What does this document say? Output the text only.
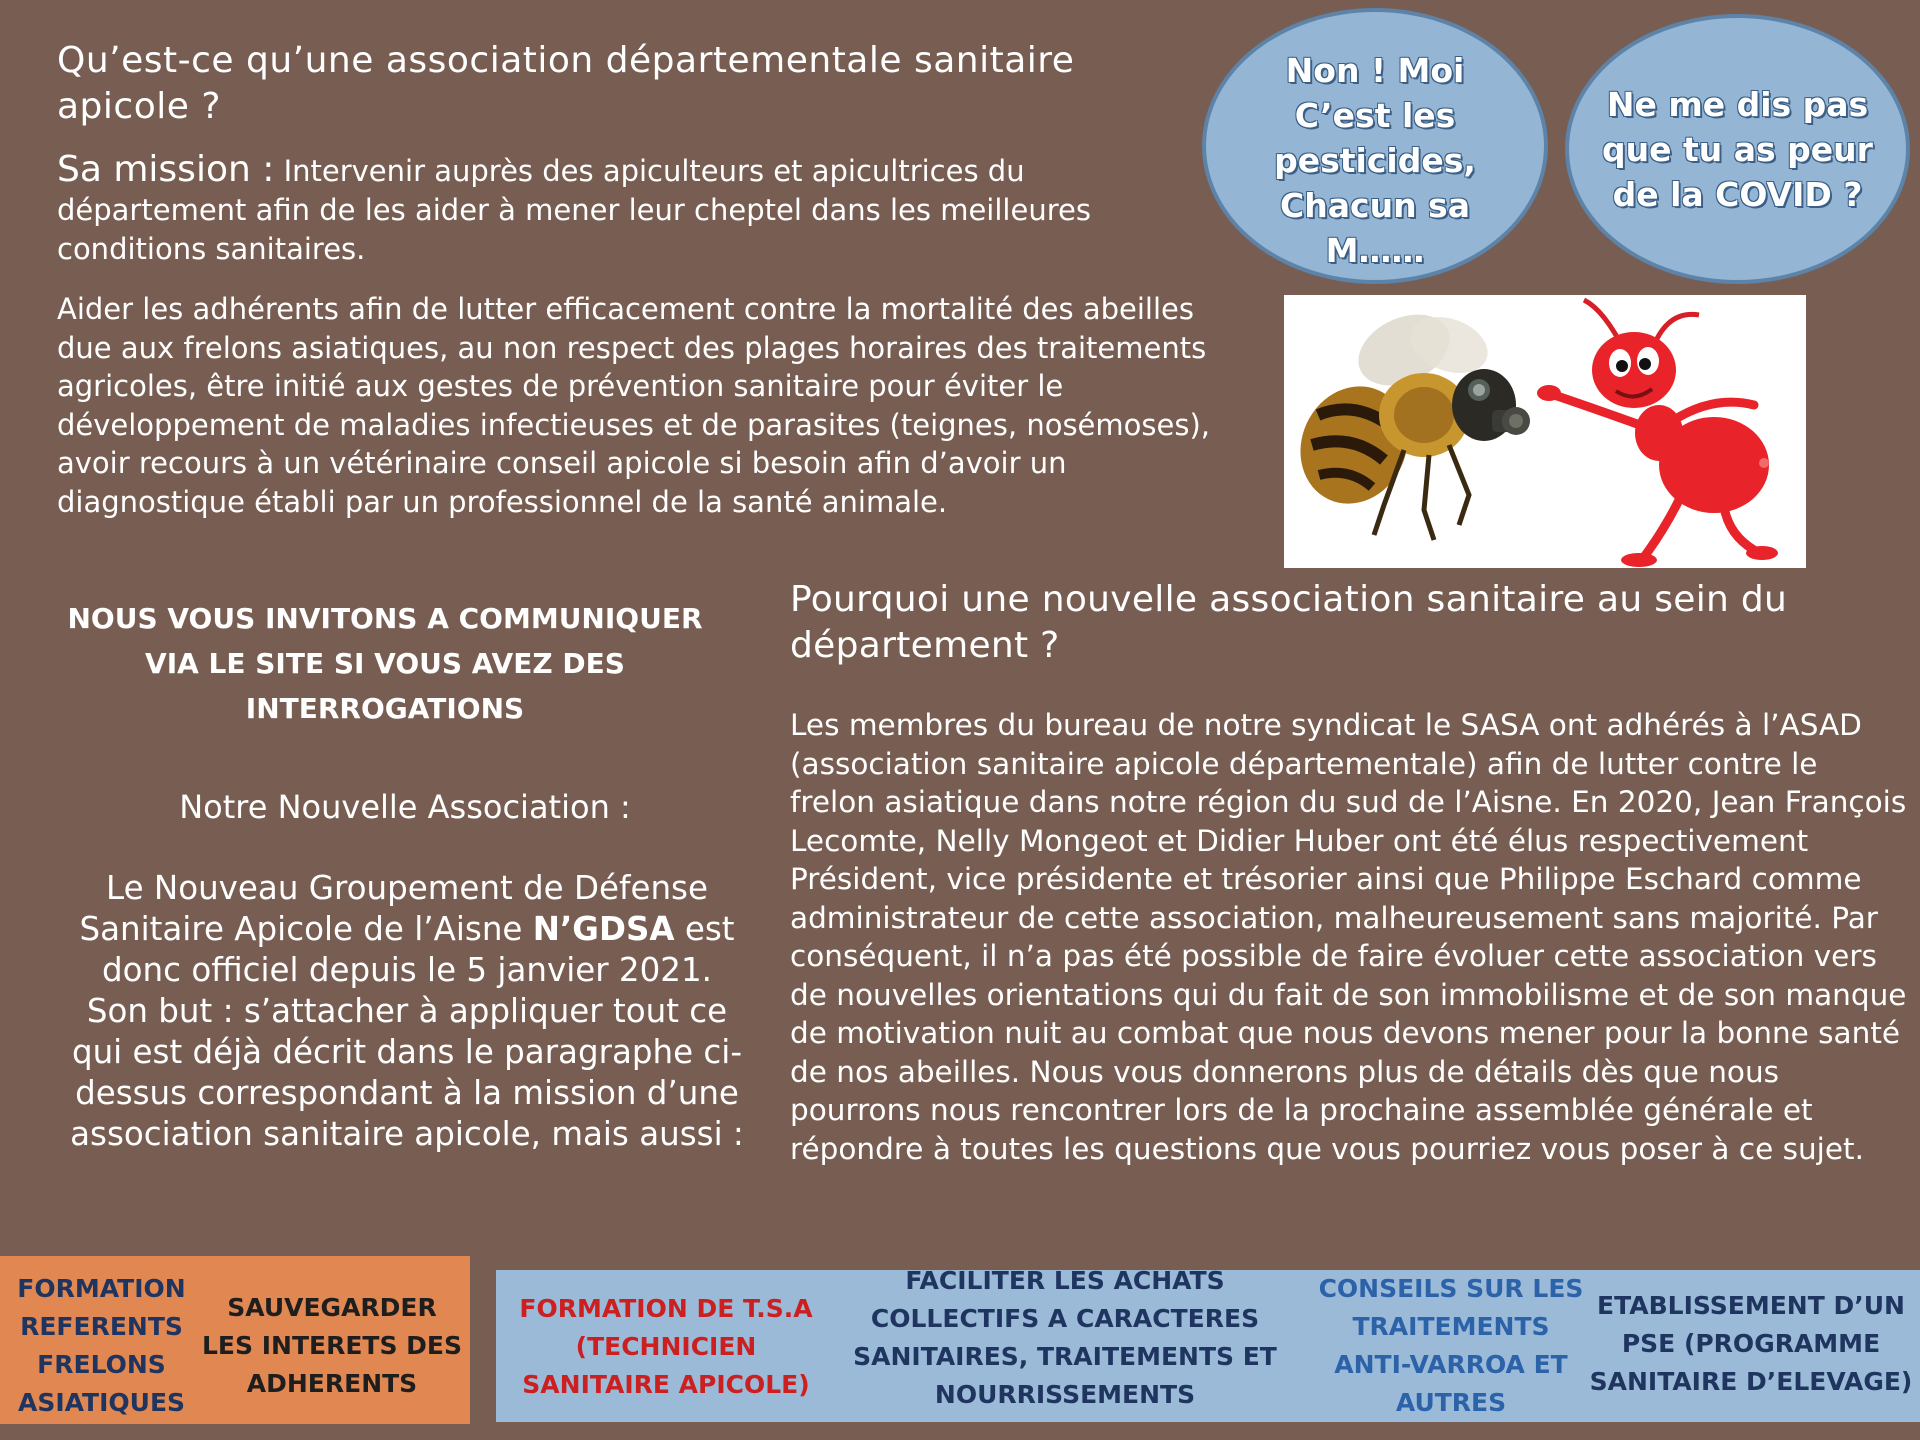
Qu’est-ce qu’une association départementale sanitaire apicole ?
Sa mission : Intervenir auprès des apiculteurs et apicultrices du département afin de les aider à mener leur cheptel dans les meilleures conditions sanitaires.
Aider les adhérents afin de lutter efficacement contre la mortalité des abeilles due aux frelons asiatiques, au non respect des plages horaires des traitements agricoles, être initié aux gestes de prévention sanitaire pour éviter le développement de maladies infectieuses et de parasites (teignes, nosémoses), avoir recours à un vétérinaire conseil apicole si besoin afin d’avoir un diagnostique établi par un professionnel de la santé animale.
Non ! Moi C’est les pesticides, Chacun sa M……
Ne me dis pas que tu as peur de la COVID ?
NOUS VOUS INVITONS A COMMUNIQUER VIA LE SITE SI VOUS AVEZ DES INTERROGATIONS
Notre Nouvelle Association :
Le Nouveau Groupement de Défense Sanitaire Apicole de l’Aisne N’GDSA est donc officiel depuis le 5 janvier 2021.
Son but : s’attacher à appliquer tout ce qui est déjà décrit dans le paragraphe ci-dessus correspondant à la mission d’une association sanitaire apicole, mais aussi :
Pourquoi une nouvelle association sanitaire au sein du département ?
Les membres du bureau de notre syndicat le SASA ont adhérés à l’ASAD (association sanitaire apicole départementale) afin de lutter contre le frelon asiatique dans notre région du sud de l’Aisne. En 2020, Jean François Lecomte, Nelly Mongeot et Didier Huber ont été élus respectivement Président, vice présidente et trésorier ainsi que Philippe Eschard comme administrateur de cette association, malheureusement sans majorité. Par conséquent, il n’a pas été possible de faire évoluer cette association vers de nouvelles orientations qui du fait de son immobilisme et de son manque de motivation nuit au combat que nous devons mener pour la bonne santé de nos abeilles. Nous vous donnerons plus de détails dès que nous pourrons nous rencontrer lors de la prochaine assemblée générale et répondre à toutes les questions que vous pourriez vous poser à ce sujet.
FORMATION REFERENTS FRELONS ASIATIQUES
SAUVEGARDER LES INTERETS DES ADHERENTS
FORMATION DE T.S.A (TECHNICIEN SANITAIRE APICOLE)
FACILITER LES ACHATS COLLECTIFS A CARACTERES SANITAIRES, TRAITEMENTS ET NOURRISSEMENTS
CONSEILS SUR LES TRAITEMENTS ANTI-VARROA ET AUTRES
ETABLISSEMENT D’UN PSE (PROGRAMME SANITAIRE D’ELEVAGE)
